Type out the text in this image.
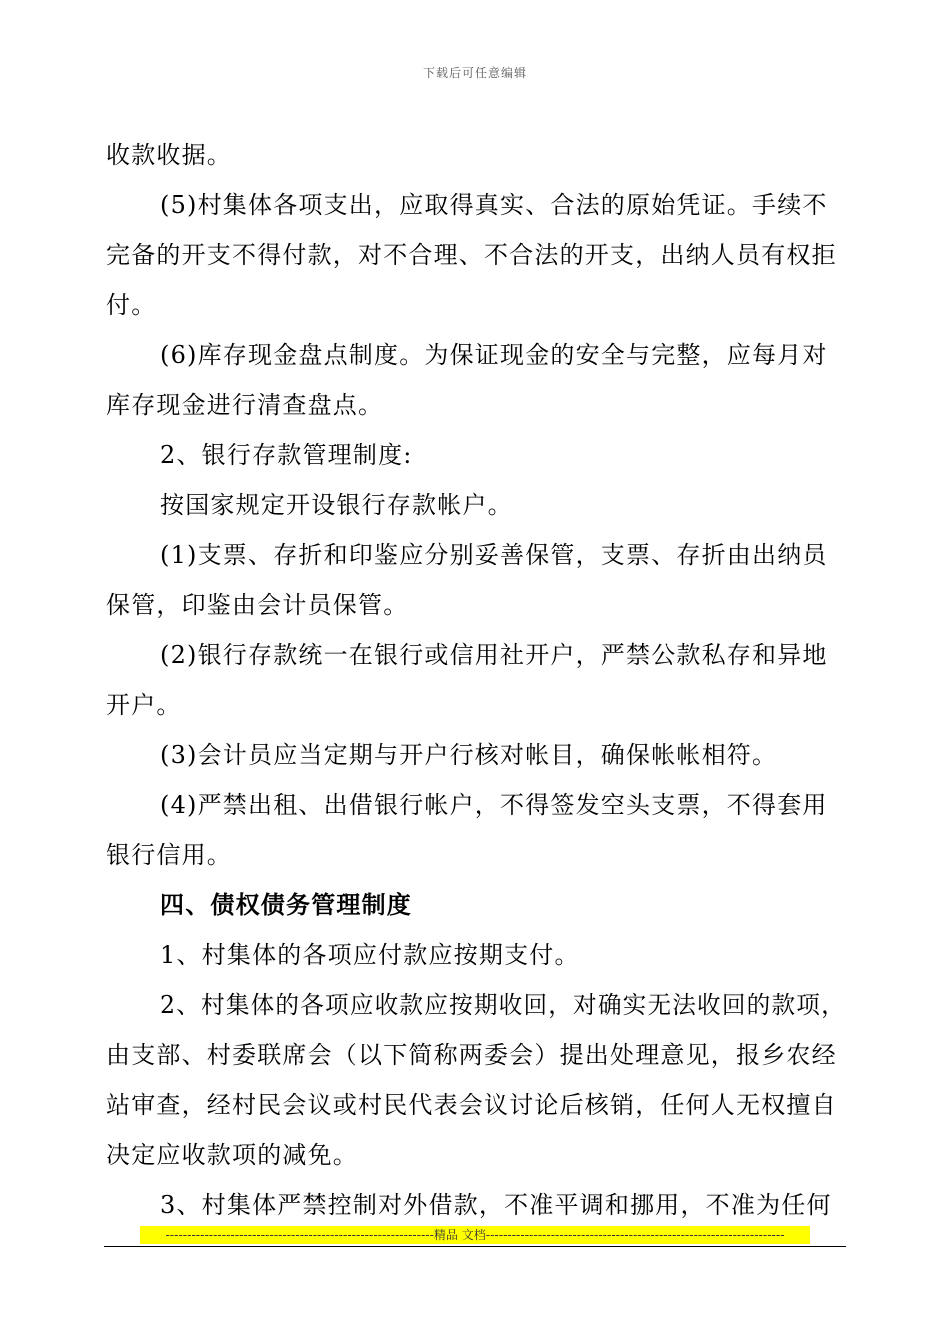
下载后可任意编辑
收款收据。
(5)村集体各项支出，应取得真实、合法的原始凭证。手续不
完备的开支不得付款，对不合理、不合法的开支，出纳人员有权拒
付。
(6)库存现金盘点制度。为保证现金的安全与完整，应每月对
库存现金进行清查盘点。
2、银行存款管理制度:
按国家规定开设银行存款帐户。
(1)支票、存折和印鉴应分别妥善保管，支票、存折由出纳员
保管，印鉴由会计员保管。
(2)银行存款统一在银行或信用社开户，严禁公款私存和异地
开户。
(3)会计员应当定期与开户行核对帐目，确保帐帐相符。
(4)严禁出租、出借银行帐户，不得签发空头支票，不得套用
银行信用。
四、债权债务管理制度
1、村集体的各项应付款应按期支付。
2、村集体的各项应收款应按期收回，对确实无法收回的款项，
由支部、村委联席会（以下简称两委会）提出处理意见，报乡农经
站审查，经村民会议或村民代表会议讨论后核销，任何人无权擅自
决定应收款项的减免。
3、村集体严禁控制对外借款，不准平调和挪用，不准为任何
--------------------------------------------------------------精品 文档---------------------------------------------------------------------
